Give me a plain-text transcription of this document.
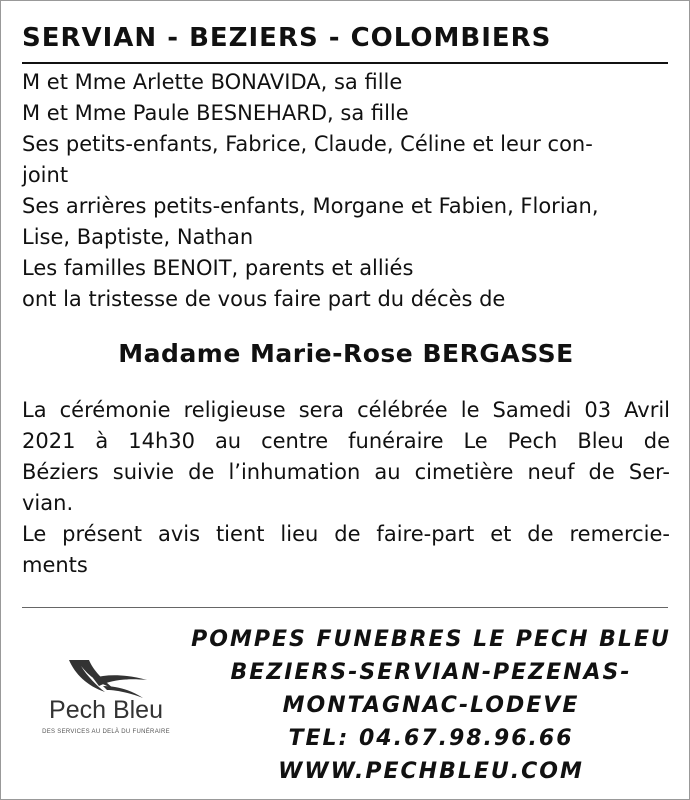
SERVIAN - BEZIERS - COLOMBIERS
M et Mme Arlette BONAVIDA, sa fille
M et Mme Paule BESNEHARD, sa fille
Ses petits-enfants, Fabrice, Claude, Céline et leur con-
joint
Ses arrières petits-enfants, Morgane et Fabien, Florian,
Lise, Baptiste, Nathan
Les familles BENOIT, parents et alliés
ont la tristesse de vous faire part du décès de
Madame Marie-Rose BERGASSE
La cérémonie religieuse sera célébrée le Samedi 03 Avril
2021 à 14h30 au centre funéraire Le Pech Bleu de
Béziers suivie de l’inhumation au cimetière neuf de Ser-
vian.
Le présent avis tient lieu de faire-part et de remercie-
ments
Pech Bleu
DES SERVICES AU DELÀ DU FUNÉRAIRE
POMPES FUNEBRES LE PECH BLEU
BEZIERS-SERVIAN-PEZENAS-
MONTAGNAC-LODEVE
TEL: 04.67.98.96.66
WWW.PECHBLEU.COM
